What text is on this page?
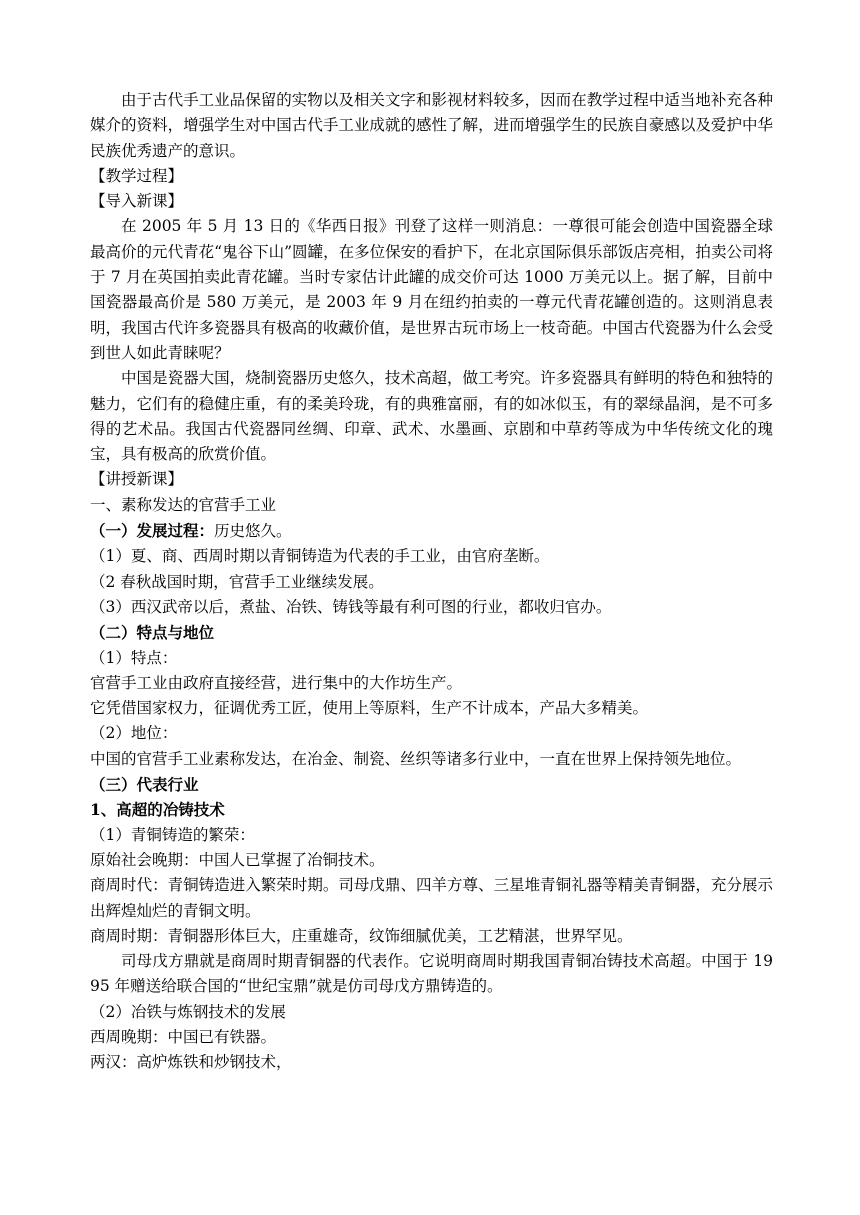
由于古代手工业品保留的实物以及相关文字和影视材料较多，因而在教学过程中适当地补充各种媒介的资料，增强学生对中国古代手工业成就的感性了解，进而增强学生的民族自豪感以及爱护中华民族优秀遗产的意识。

【教学过程】

【导入新课】

在 2005 年 5 月 13 日的《华西日报》刊登了这样一则消息：一尊很可能会创造中国瓷器全球最高价的元代青花“鬼谷下山”圆罐，在多位保安的看护下，在北京国际俱乐部饭店亮相，拍卖公司将于 7 月在英国拍卖此青花罐。当时专家估计此罐的成交价可达 1000 万美元以上。据了解，目前中国瓷器最高价是 580 万美元，是 2003 年 9 月在纽约拍卖的一尊元代青花罐创造的。这则消息表明，我国古代许多瓷器具有极高的收藏价值，是世界古玩市场上一枝奇葩。中国古代瓷器为什么会受到世人如此青睐呢？

中国是瓷器大国，烧制瓷器历史悠久，技术高超，做工考究。许多瓷器具有鲜明的特色和独特的魅力，它们有的稳健庄重，有的柔美玲珑，有的典雅富丽，有的如冰似玉，有的翠绿晶润，是不可多得的艺术品。我国古代瓷器同丝绸、印章、武术、水墨画、京剧和中草药等成为中华传统文化的瑰宝，具有极高的欣赏价值。

【讲授新课】

一、素称发达的官营手工业

（一）发展过程：历史悠久。

（1）夏、商、西周时期以青铜铸造为代表的手工业，由官府垄断。

（2 春秋战国时期，官营手工业继续发展。

（3）西汉武帝以后，煮盐、冶铁、铸钱等最有利可图的行业，都收归官办。

（二）特点与地位

（1）特点：

官营手工业由政府直接经营，进行集中的大作坊生产。

它凭借国家权力，征调优秀工匠，使用上等原料，生产不计成本，产品大多精美。

（2）地位：

中国的官营手工业素称发达，在冶金、制瓷、丝织等诸多行业中，一直在世界上保持领先地位。

（三）代表行业

1、高超的冶铸技术

（1）青铜铸造的繁荣：

原始社会晚期：中国人已掌握了冶铜技术。

商周时代：青铜铸造进入繁荣时期。司母戊鼎、四羊方尊、三星堆青铜礼器等精美青铜器，充分展示出辉煌灿烂的青铜文明。

商周时期：青铜器形体巨大，庄重雄奇，纹饰细腻优美，工艺精湛，世界罕见。

司母戊方鼎就是商周时期青铜器的代表作。它说明商周时期我国青铜冶铸技术高超。中国于 1995 年赠送给联合国的“世纪宝鼎”就是仿司母戊方鼎铸造的。

（2）冶铁与炼钢技术的发展

西周晚期：中国已有铁器。

两汉：高炉炼铁和炒钢技术，
